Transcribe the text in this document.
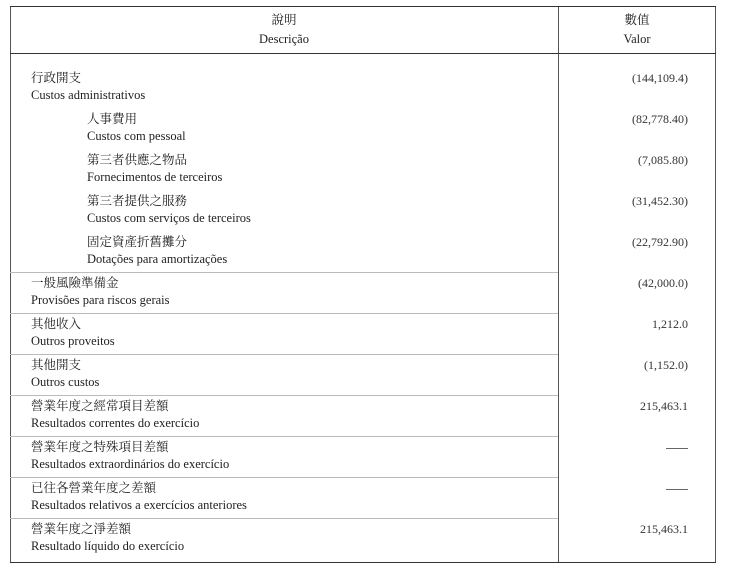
說明
Descrição
數值
Valor
行政開支
Custos administrativos
(144,109.4)
人事費用
Custos com pessoal
(82,778.40)
第三者供應之物品
Fornecimentos de terceiros
(7,085.80)
第三者提供之服務
Custos com serviços de terceiros
(31,452.30)
固定資產折舊攤分
Dotações para amortizações
(22,792.90)
一般風險準備金
Provisões para riscos gerais
(42,000.0)
其他收入
Outros proveitos
1,212.0
其他開支
Outros custos
(1,152.0)
營業年度之經常項目差額
Resultados correntes do exercício
215,463.1
營業年度之特殊項目差額
Resultados extraordinários do exercício
已往各營業年度之差額
Resultados relativos a exercícios anteriores
營業年度之淨差額
Resultado líquido do exercício
215,463.1
